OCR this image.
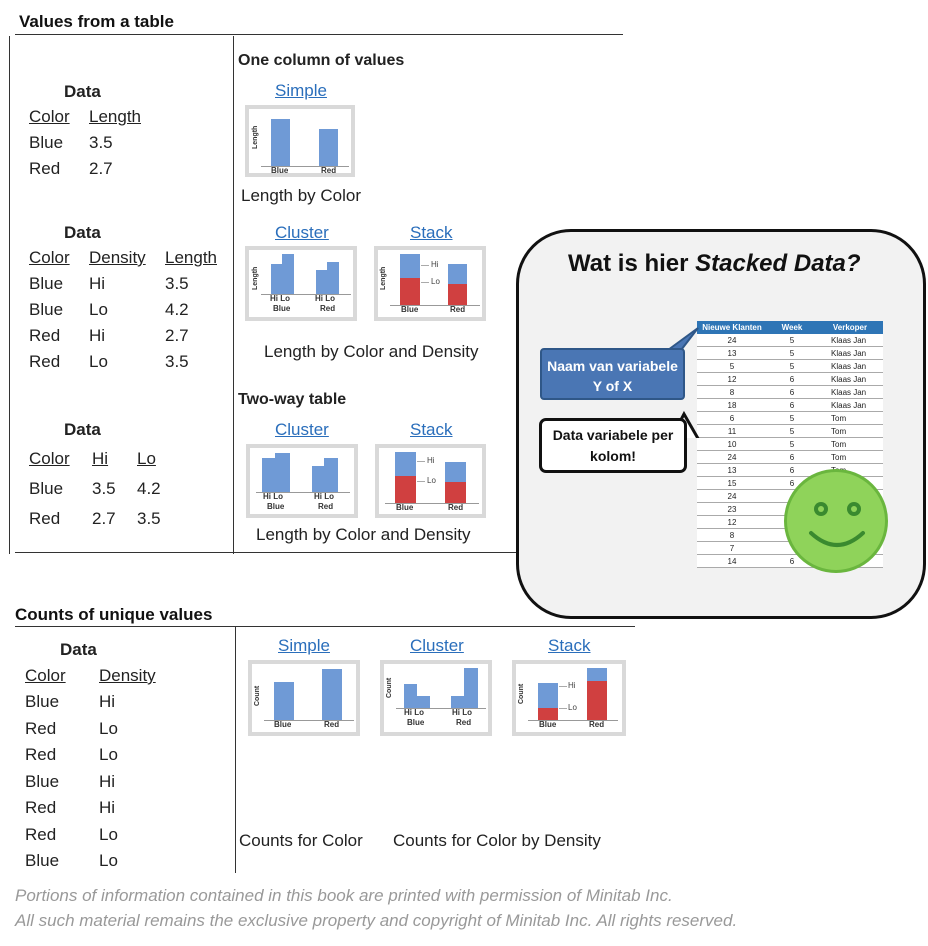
Values from a table
Data
Color Length
Blue 3.5
Red 2.7
Data
Color Density Length
Blue Hi	3.5
Blue Lo	4.2
Red Hi	2.7
Red Lo	3.5
Data
Color Hi Lo
Blue 3.5 4.2
Red 2.7 3.5
One column of values
Simple
Length
Blue	Red
Length by Color
Cluster	Stack
Length
Hi Lo	Hi Lo
Blue	Red
Length
Hi
Lo
Blue	Red
Length by Color and Density
Two-way table
Cluster	Stack
Hi Lo	Hi Lo
Blue	Red
Hi
Lo
Blue	Red
Length by Color and Density
Wat is hier Stacked Data?
Nieuwe Klanten	Week	Verkoper
24	5	Klaas Jan
13	5	Klaas Jan
5	5	Klaas Jan
12	6	Klaas Jan
8	6	Klaas Jan
18	6	Klaas Jan
6	5	Tom
11	5	Tom
10	5	Tom
24	6	Tom
13	6	
15	6	
24		
23		
12		
8		
7		
14	6	
Naam van variabele Y of X
Data variabele per kolom!
Counts of unique values
Data
Color Density
Blue Hi
Red	Lo
Red	Lo
Blue Hi
Red	Hi
Red	Lo
Blue Lo
Simple	Cluster	Stack
Count
Blue	Red
Count
Hi Lo	Hi Lo
Blue	Red
Count	Hi
Lo
Blue	Red
Counts for Color Counts for Color by Density
Portions of information contained in this book are printed with permission of Minitab Inc.
All such material remains the exclusive property and copyright of Minitab Inc. All rights reserved.
